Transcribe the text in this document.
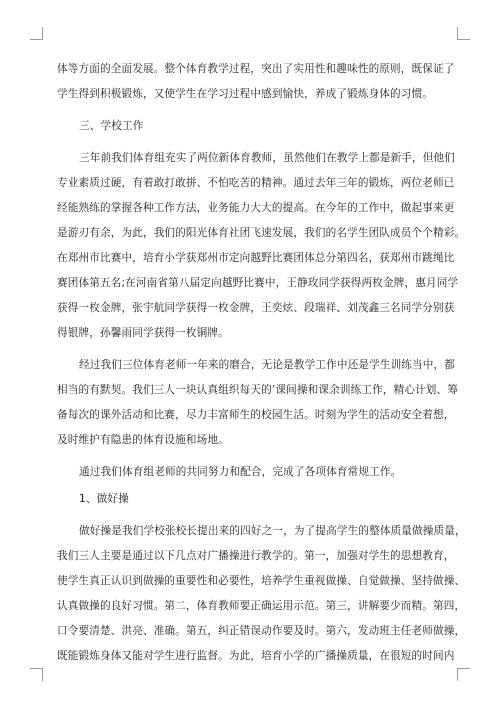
体等方面的全面发展。整个体育教学过程，突出了实用性和趣味性的原则，既保证了
学生得到积极锻炼，又使学生在学习过程中感到愉快，养成了锻炼身体的习惯。
三、学校工作
三年前我们体育组充实了两位新体育教师，虽然他们在教学上都是新手，但他们
专业素质过硬，有着敢打敢拼、不怕吃苦的精神。通过去年三年的锻炼，两位老师已
经能熟练的掌握各种工作方法，业务能力大大的提高。在今年的工作中，做起事来更
是游刃有余，为此，我们的阳光体育社团飞速发展，我们的名学生团队成员个个精彩。
在郑州市比赛中，培育小学获郑州市定向越野比赛团体总分第四名，获郑州市跳绳比
赛团体第五名;在河南省第八届定向越野比赛中，王静玫同学获得两枚金牌，惠月同学
获得一枚金牌，张宇航同学获得一枚金牌，王奕炫、段瑞祥、刘茂鑫三名同学分别获
得银牌，孙馨雨同学获得一枚铜牌。
经过我们三位体育老师一年来的磨合，无论是教学工作中还是学生训练当中，都
相当的有默契。我们三人一块认真组织每天的’课间操和课余训练工作，精心计划、筹
备每次的课外活动和比赛，尽力丰富师生的校园生活。时刻为学生的活动安全着想，
及时维护有隐患的体育设施和场地。
通过我们体育组老师的共同努力和配合，完成了各项体育常规工作。
1、做好操
做好操是我们学校张校长提出来的四好之一，为了提高学生的整体质量做操质量，
我们三人主要是通过以下几点对广播操进行教学的。第一，加强对学生的思想教育，
使学生真正认识到做操的重要性和必要性，培养学生重视做操、自觉做操、坚持做操、
认真做操的良好习惯。第二，体育教师要正确运用示范。第三，讲解要少而精。第四，
口令要清楚、洪亮、准确。第五，纠正错误动作要及时。第六，发动班主任老师做操，
既能锻炼身体又能对学生进行监督。为此，培育小学的广播操质量，在很短的时间内
